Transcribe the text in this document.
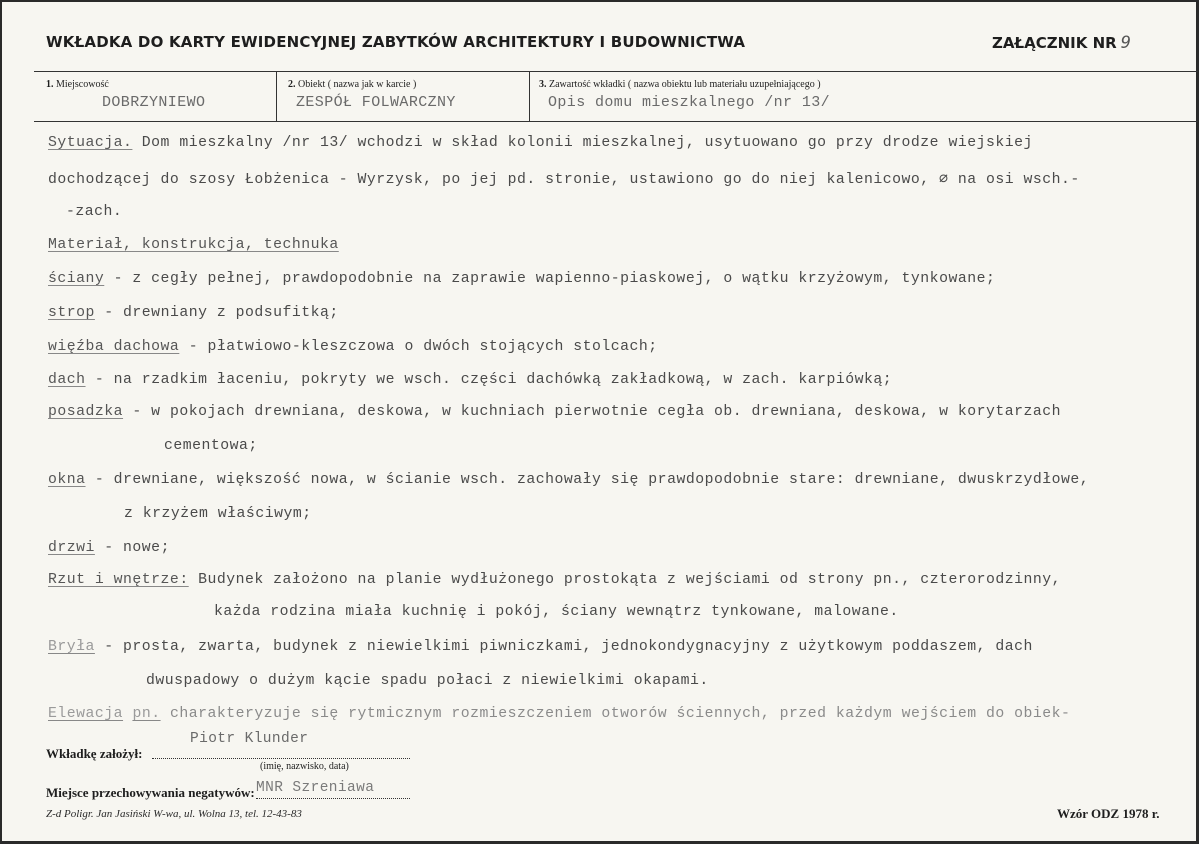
WKŁADKA DO KARTY EWIDENCYJNEJ ZABYTKÓW ARCHITEKTURY I BUDOWNICTWA	ZAŁĄCZNIK NR 9
1. Miejscowość
DOBRZYNIEWO
2. Obiekt ( nazwa jak w karcie )
ZESPÓŁ FOLWARCZNY
3. Zawartość wkładki ( nazwa obiektu lub materiału uzupełniającego )
Opis domu mieszkalnego /nr 13/
Sytuacja. Dom mieszkalny /nr 13/ wchodzi w skład kolonii mieszkalnej, usytuowano go przy drodze wiejskiej
dochodzącej do szosy Łobżenica - Wyrzysk, po jej pd. stronie, ustawiono go do niej kalenicowo, ∅ na osi wsch.-
-zach.
Materiał, konstrukcja, technuka
ściany - z cegły pełnej, prawdopodobnie na zaprawie wapienno-piaskowej, o wątku krzyżowym, tynkowane;
strop - drewniany z podsufitką;
więźba dachowa - płatwiowo-kleszczowa o dwóch stojących stolcach;
dach - na rzadkim łaceniu, pokryty we wsch. części dachówką zakładkową, w zach. karpiówką;
posadzka - w pokojach drewniana, deskowa, w kuchniach pierwotnie cegła ob. drewniana, deskowa, w korytarzach
cementowa;
okna - drewniane, większość nowa, w ścianie wsch. zachowały się prawdopodobnie stare: drewniane, dwuskrzydłowe,
z krzyżem właściwym;
drzwi - nowe;
Rzut i wnętrze: Budynek założono na planie wydłużonego prostokąta z wejściami od strony pn., czterorodzinny,
każda rodzina miała kuchnię i pokój, ściany wewnątrz tynkowane, malowane.
Bryła - prosta, zwarta, budynek z niewielkimi piwniczkami, jednokondygnacyjny z użytkowym poddaszem, dach
dwuspadowy o dużym kącie spadu połaci z niewielkimi okapami.
Elewacja pn. charakteryzuje się rytmicznym rozmieszczeniem otworów ściennych, przed każdym wejściem do obiek-
Wkładkę założył:
Piotr Klunder
(imię, nazwisko, data)
Miejsce przechowywania negatywów: MNR Szreniawa
Z-d Poligr. Jan Jasiński W-wa, ul. Wolna 13, tel. 12-43-83	Wzór ODZ 1978 r.
